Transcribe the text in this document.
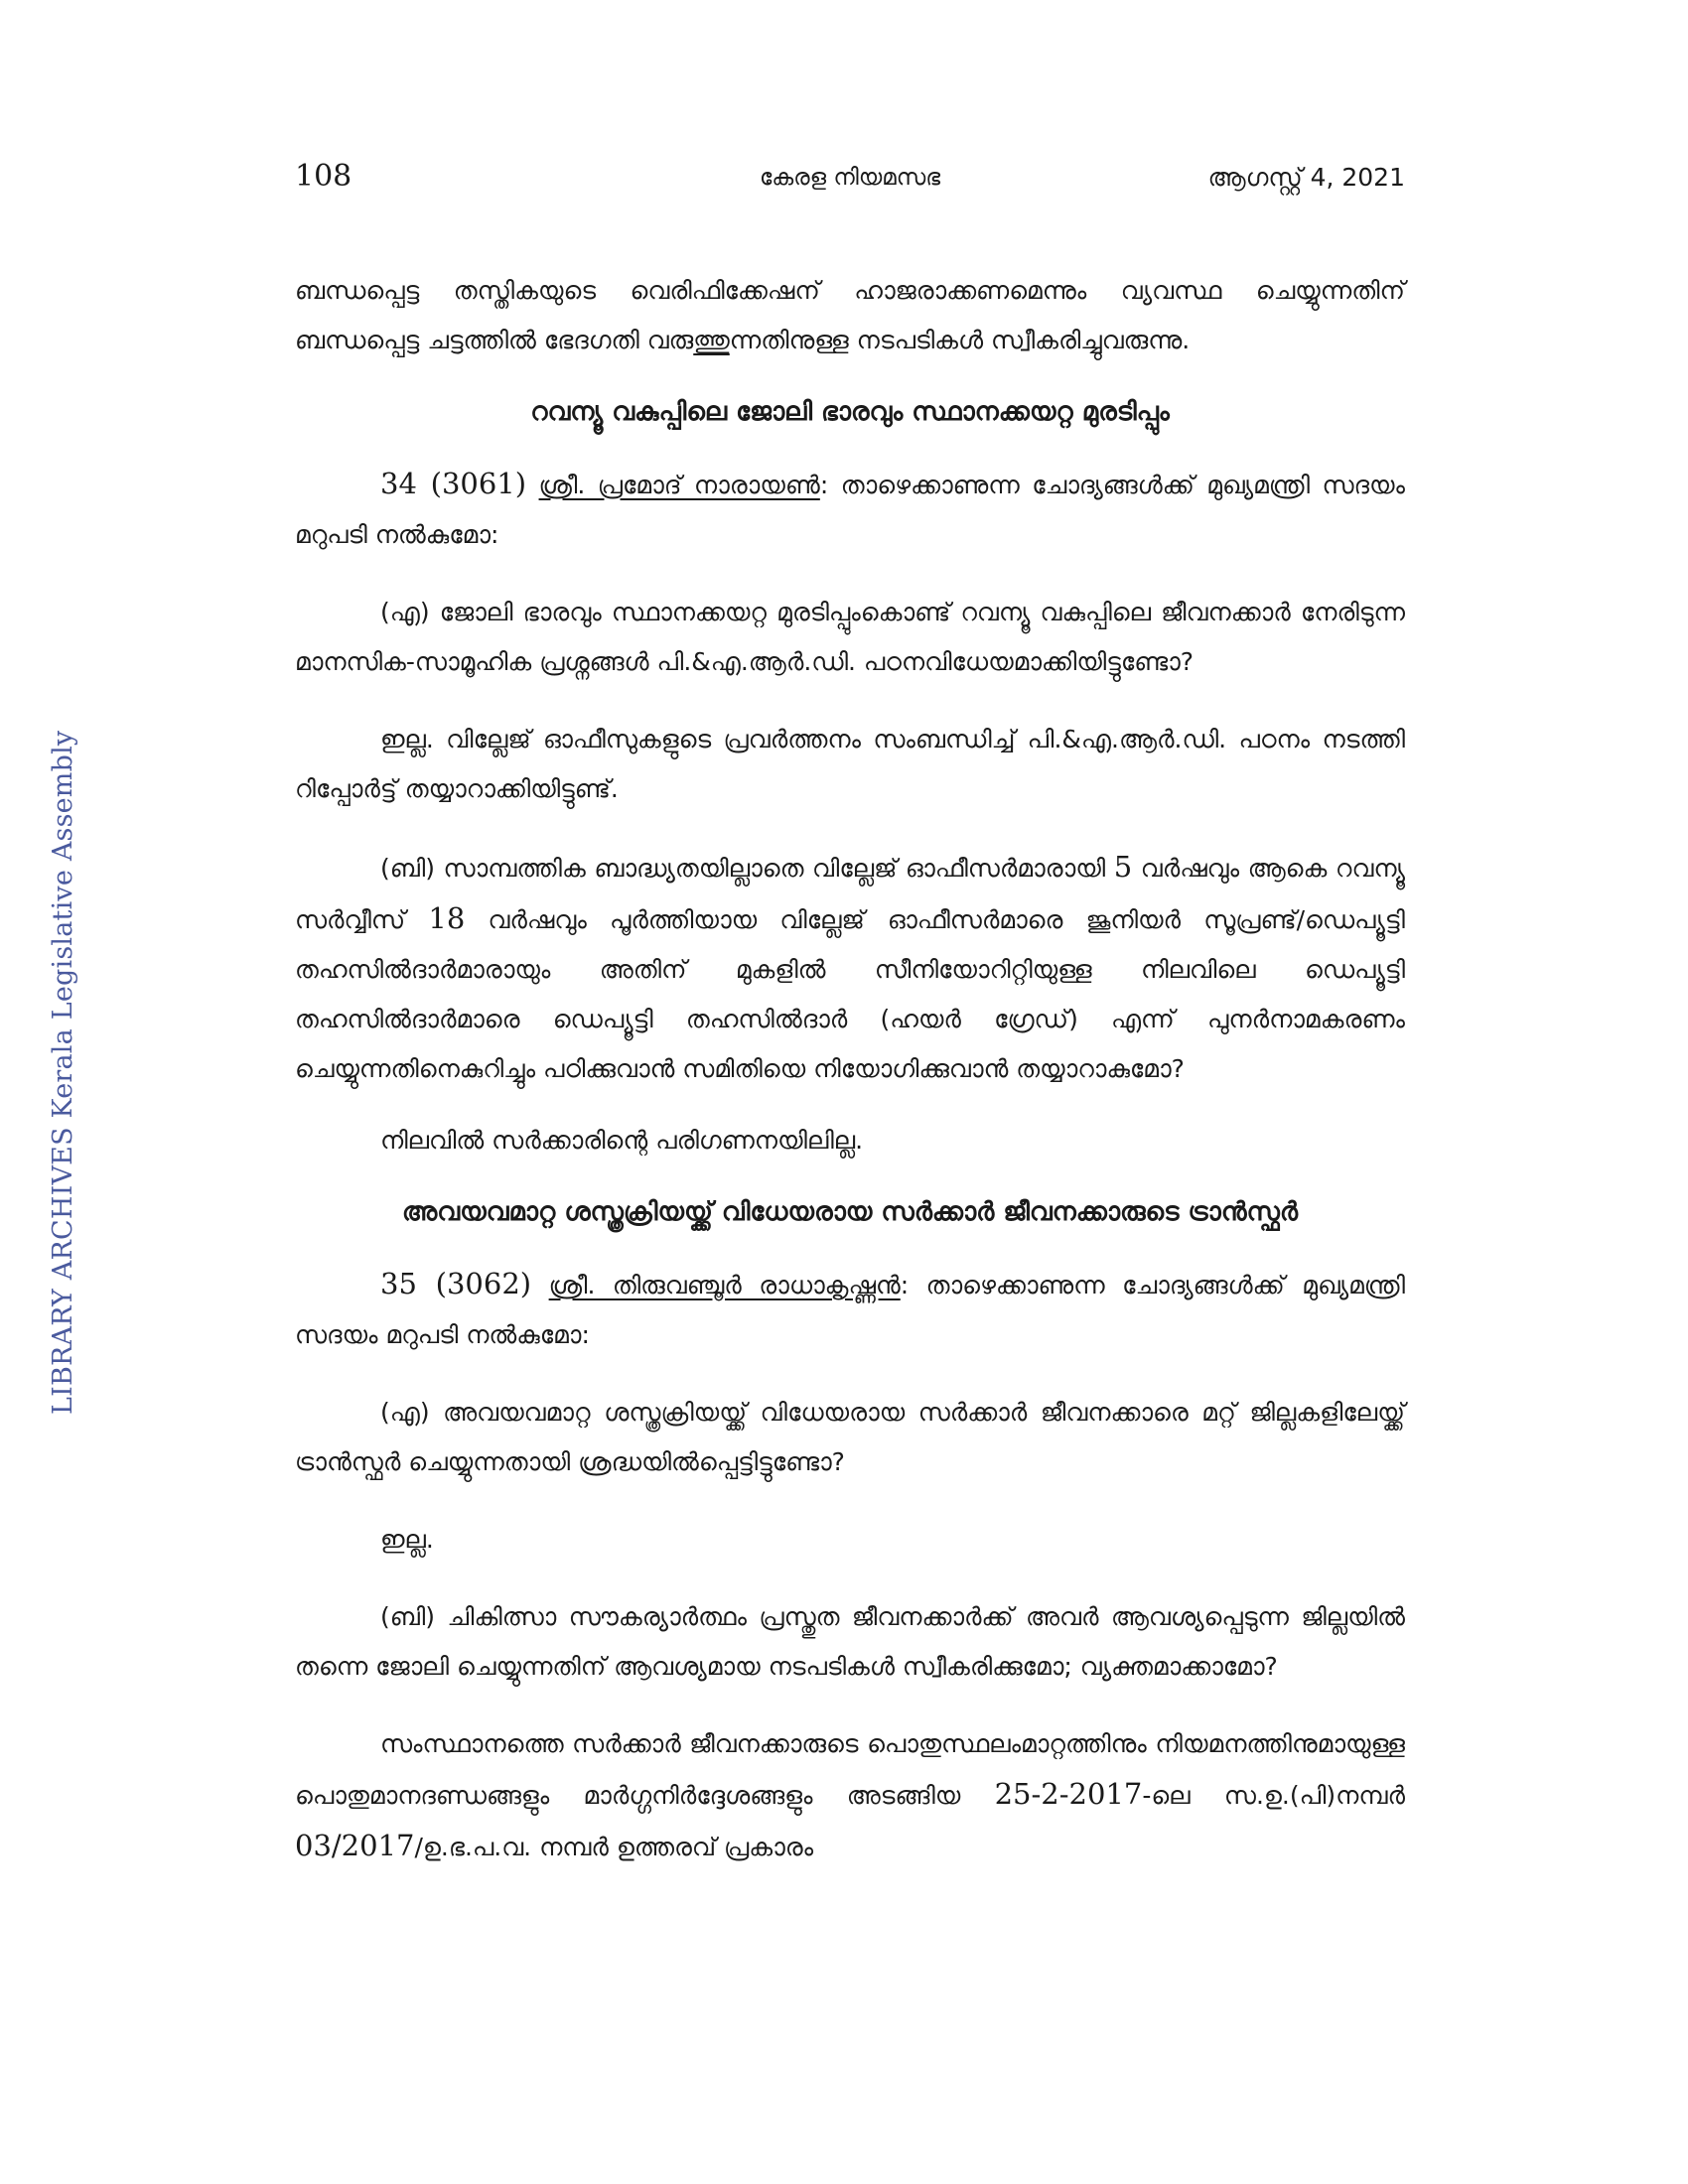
108	കേരള നിയമസഭ	ആഗസ്റ്റ് 4, 2021
LIBRARY ARCHIVES Kerala Legislative Assembly

ബന്ധപ്പെട്ട തസ്തികയുടെ വെരിഫിക്കേഷന് ഹാജരാക്കണമെന്നും വ്യവസ്ഥ ചെയ്യുന്നതിന് ബന്ധപ്പെട്ട ചട്ടത്തിൽ ഭേദഗതി വരുത്തുന്നതിനുള്ള നടപടികൾ സ്വീകരിച്ചുവരുന്നു.

റവന്യൂ വകുപ്പിലെ ജോലി ഭാരവും സ്ഥാനക്കയറ്റ മുരടിപ്പും

34 (3061) ശ്രീ. പ്രമോദ് നാരായൺ: താഴെക്കാണുന്ന ചോദ്യങ്ങൾക്ക് മുഖ്യമന്ത്രി സദയം മറുപടി നൽകുമോ:

(എ) ജോലി ഭാരവും സ്ഥാനക്കയറ്റ മുരടിപ്പുംകൊണ്ട് റവന്യൂ വകുപ്പിലെ ജീവനക്കാർ നേരിടുന്ന മാനസിക-സാമൂഹിക പ്രശ്നങ്ങൾ പി.&എ.ആർ.ഡി. പഠനവിധേയമാക്കിയിട്ടുണ്ടോ?

ഇല്ല. വില്ലേജ് ഓഫീസുകളുടെ പ്രവർത്തനം സംബന്ധിച്ച് പി.&എ.ആർ.ഡി. പഠനം നടത്തി റിപ്പോർട്ട് തയ്യാറാക്കിയിട്ടുണ്ട്.

(ബി) സാമ്പത്തിക ബാദ്ധ്യതയില്ലാതെ വില്ലേജ് ഓഫീസർമാരായി 5 വർഷവും ആകെ റവന്യൂ സർവ്വീസ് 18 വർഷവും പൂർത്തിയായ വില്ലേജ് ഓഫീസർമാരെ ജൂനിയർ സൂപ്രണ്ട്/ഡെപ്യൂട്ടി തഹസിൽദാർമാരായും അതിന് മുകളിൽ സീനിയോറിറ്റിയുള്ള നിലവിലെ ഡെപ്യൂട്ടി തഹസിൽദാർമാരെ ഡെപ്യൂട്ടി തഹസിൽദാർ (ഹയർ ഗ്രേഡ്) എന്ന് പുനർനാമകരണം ചെയ്യുന്നതിനെകുറിച്ചും പഠിക്കുവാൻ സമിതിയെ നിയോഗിക്കുവാൻ തയ്യാറാകുമോ?

നിലവിൽ സർക്കാരിന്റെ പരിഗണനയിലില്ല.

അവയവമാറ്റ ശസ്ത്രക്രിയയ്ക്ക് വിധേയരായ സർക്കാർ ജീവനക്കാരുടെ ട്രാൻസ്ഫർ

35 (3062) ശ്രീ. തിരുവഞ്ചൂർ രാധാകൃഷ്ണൻ: താഴെക്കാണുന്ന ചോദ്യങ്ങൾക്ക് മുഖ്യമന്ത്രി സദയം മറുപടി നൽകുമോ:

(എ) അവയവമാറ്റ ശസ്ത്രക്രിയയ്ക്ക് വിധേയരായ സർക്കാർ ജീവനക്കാരെ മറ്റ് ജില്ലകളിലേയ്ക്ക് ട്രാൻസ്ഫർ ചെയ്യുന്നതായി ശ്രദ്ധയിൽപ്പെട്ടിട്ടുണ്ടോ?

ഇല്ല.

(ബി) ചികിത്സാ സൗകര്യാർത്ഥം പ്രസ്തുത ജീവനക്കാർക്ക് അവർ ആവശ്യപ്പെടുന്ന ജില്ലയിൽ തന്നെ ജോലി ചെയ്യുന്നതിന് ആവശ്യമായ നടപടികൾ സ്വീകരിക്കുമോ; വ്യക്തമാക്കാമോ?

സംസ്ഥാനത്തെ സർക്കാർ ജീവനക്കാരുടെ പൊതുസ്ഥലംമാറ്റത്തിനും നിയമനത്തിനുമായുള്ള പൊതുമാനദണ്ഡങ്ങളും മാർഗ്ഗനിർദ്ദേശങ്ങളും അടങ്ങിയ 25-2-2017-ലെ സ.ഉ.(പി)നമ്പർ 03/2017/ഉ.ഭ.പ.വ. നമ്പർ ഉത്തരവ് പ്രകാരം
